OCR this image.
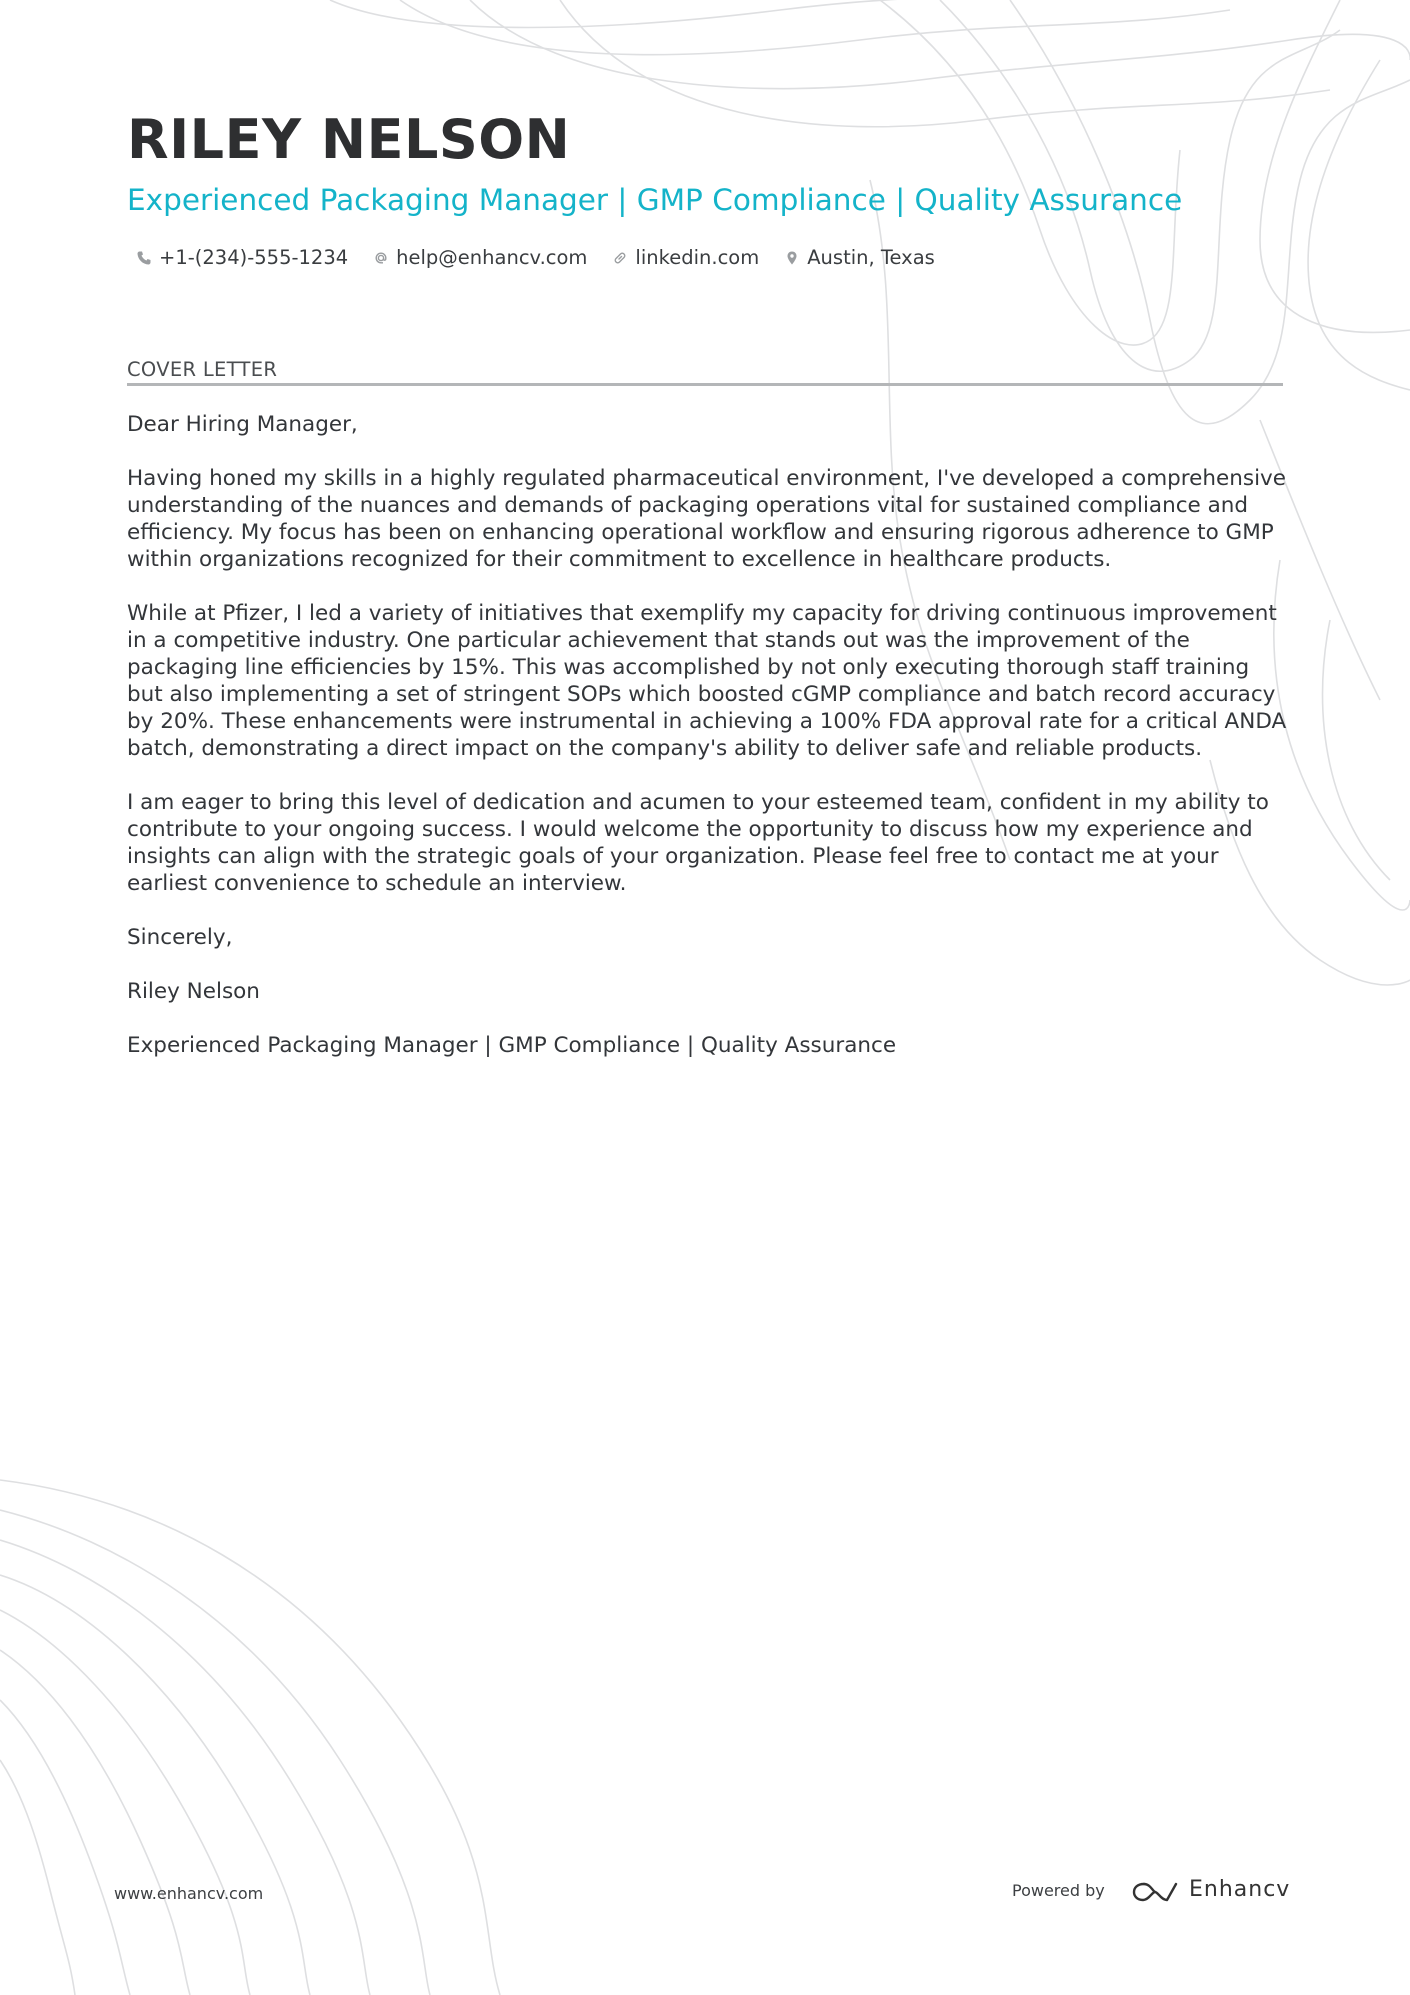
RILEY NELSON
Experienced Packaging Manager | GMP Compliance | Quality Assurance
+1-(234)-555-1234 help@enhancv.com linkedin.com Austin, Texas
COVER LETTER

Dear Hiring Manager,

Having honed my skills in a highly regulated pharmaceutical environment, I've developed a comprehensive understanding of the nuances and demands of packaging operations vital for sustained compliance and efficiency. My focus has been on enhancing operational workflow and ensuring rigorous adherence to GMP within organizations recognized for their commitment to excellence in healthcare products.

While at Pfizer, I led a variety of initiatives that exemplify my capacity for driving continuous improvement in a competitive industry. One particular achievement that stands out was the improvement of the packaging line efficiencies by 15%. This was accomplished by not only executing thorough staff training but also implementing a set of stringent SOPs which boosted cGMP compliance and batch record accuracy by 20%. These enhancements were instrumental in achieving a 100% FDA approval rate for a critical ANDA batch, demonstrating a direct impact on the company's ability to deliver safe and reliable products.

I am eager to bring this level of dedication and acumen to your esteemed team, confident in my ability to contribute to your ongoing success. I would welcome the opportunity to discuss how my experience and insights can align with the strategic goals of your organization. Please feel free to contact me at your earliest convenience to schedule an interview.

Sincerely,

Riley Nelson

Experienced Packaging Manager | GMP Compliance | Quality Assurance

www.enhancv.com	Powered by	Enhancv
